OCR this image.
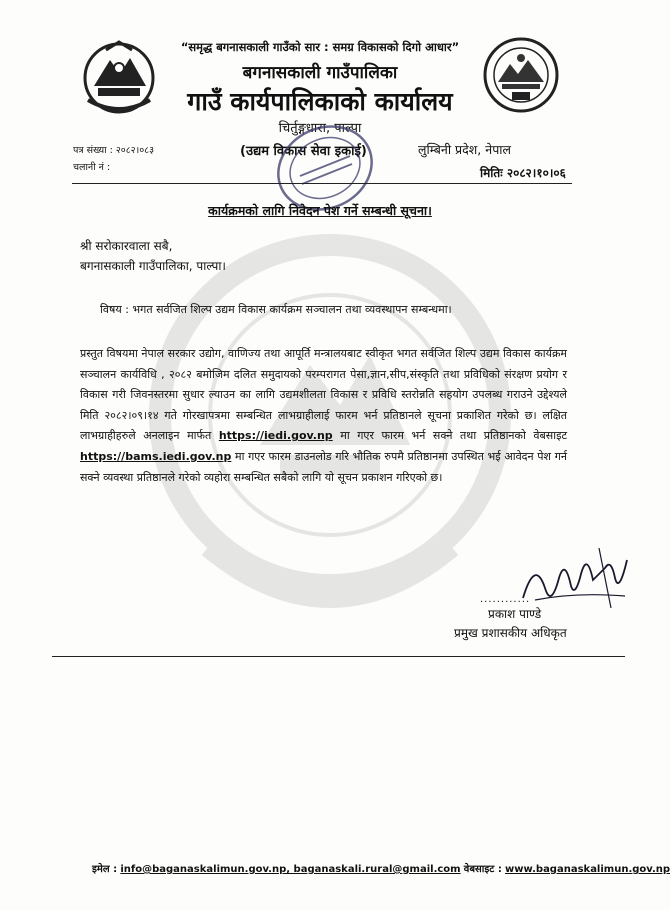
“समृद्ध बगनासकाली गाउँको सार : समग्र विकासको दिगो आधार”
बगनासकाली गाउँपालिका
गाउँ कार्यपालिकाको कार्यालय
चिर्तुङ्गधारा, पाल्पा
(उद्यम विकास सेवा इकाई)	लुम्बिनी प्रदेश, नेपाल
पत्र संख्या : २०८२।०८३
चलानी नं :	मितिः २०८२।१०।०६
कार्यक्रमको लागि निवेदन पेश गर्ने सम्बन्धी सूचना।
श्री सरोकारवाला सबै,
बगनासकाली गाउँपालिका, पाल्पा।
विषय : भगत सर्वजित शिल्प उद्यम विकास कार्यक्रम सञ्चालन तथा व्यवस्थापन सम्बन्धमा।
प्रस्तुत विषयमा नेपाल सरकार उद्योग, वाणिज्य तथा आपूर्ति मन्त्रालयबाट स्वीकृत भगत सर्वजित शिल्प उद्यम विकास कार्यक्रम सञ्चालन कार्यविधि , २०८२ बमोजिम दलित समुदायको परम्परागत पेसा,ज्ञान,सीप,संस्कृति तथा प्रविधिको संरक्षण प्रयोग र विकास गरी जिवनस्तरमा सुधार ल्याउन का लागि उद्यमशीलता विकास र प्रविधि स्तरोन्नति सहयोग उपलब्ध गराउने उद्देश्यले मिति २०८२।०९।१४ गते गोरखापत्रमा सम्बन्धित लाभग्राहीलाई फारम भर्न प्रतिष्ठानले सूचना प्रकाशित गरेको छ। लक्षित लाभग्राहीहरुले अनलाइन मार्फत https://iedi.gov.np मा गएर फारम भर्न सक्ने तथा प्रतिष्ठानको वेबसाइट https://bams.iedi.gov.np मा गएर फारम डाउनलोड गरि भौतिक रुपमै प्रतिष्ठानमा उपस्थित भई आवेदन पेश गर्न सक्ने व्यवस्था प्रतिष्ठानले गरेको व्यहोरा सम्बन्धित सबैको लागि यो सूचन प्रकाशन गरिएको छ।
............
प्रकाश पाण्डे
प्रमुख प्रशासकीय अधिकृत
इमेल : info@baganaskalimun.gov.np, baganaskali.rural@gmail.com वेबसाइट : www.baganaskalimun.gov.np
